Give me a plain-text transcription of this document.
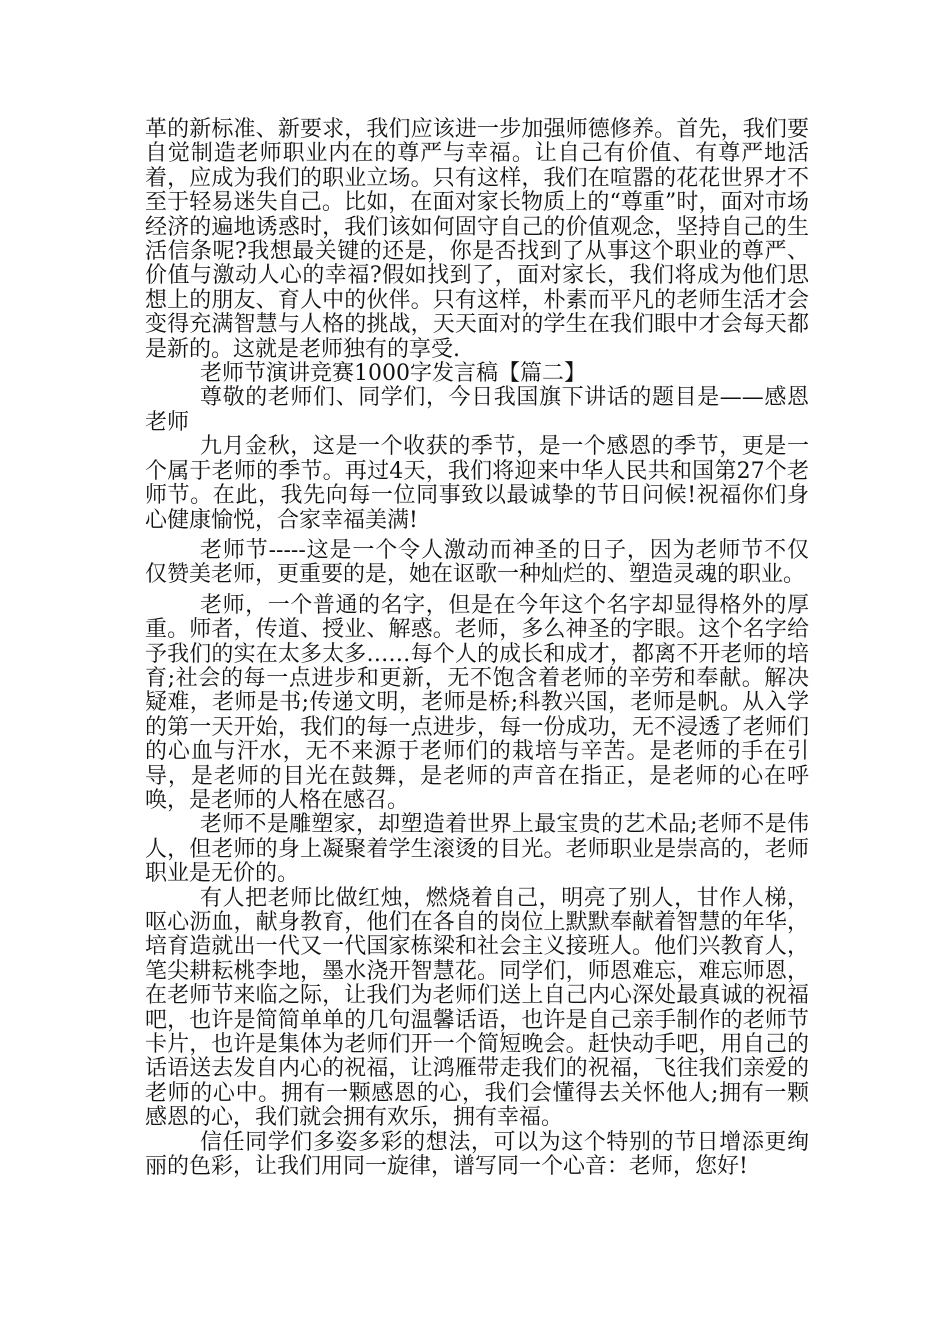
革的新标准、新要求，我们应该进一步加强师德修养。首先，我们要自觉制造老师职业内在的尊严与幸福。让自己有价值、有尊严地活着，应成为我们的职业立场。只有这样，我们在喧嚣的花花世界才不至于轻易迷失自己。比如，在面对家长物质上的“尊重”时，面对市场经济的遍地诱惑时，我们该如何固守自己的价值观念，坚持自己的生活信条呢?我想最关键的还是，你是否找到了从事这个职业的尊严、价值与激动人心的幸福?假如找到了，面对家长，我们将成为他们思想上的朋友、育人中的伙伴。只有这样，朴素而平凡的老师生活才会变得充满智慧与人格的挑战，天天面对的学生在我们眼中才会每天都是新的。这就是老师独有的享受.

老师节演讲竞赛1000字发言稿【篇二】

尊敬的老师们、同学们，今日我国旗下讲话的题目是——感恩老师

九月金秋，这是一个收获的季节，是一个感恩的季节，更是一个属于老师的季节。再过4天，我们将迎来中华人民共和国第27个老师节。在此，我先向每一位同事致以最诚挚的节日问候!祝福你们身心健康愉悦，合家幸福美满!

老师节-----这是一个令人激动而神圣的日子，因为老师节不仅仅赞美老师，更重要的是，她在讴歌一种灿烂的、塑造灵魂的职业。

老师，一个普通的名字，但是在今年这个名字却显得格外的厚重。师者，传道、授业、解惑。老师，多么神圣的字眼。这个名字给予我们的实在太多太多……每个人的成长和成才，都离不开老师的培育;社会的每一点进步和更新，无不饱含着老师的辛劳和奉献。解决疑难，老师是书;传递文明，老师是桥;科教兴国，老师是帆。从入学的第一天开始，我们的每一点进步，每一份成功，无不浸透了老师们的心血与汗水，无不来源于老师们的栽培与辛苦。是老师的手在引导，是老师的目光在鼓舞，是老师的声音在指正，是老师的心在呼唤，是老师的人格在感召。

老师不是雕塑家，却塑造着世界上最宝贵的艺术品;老师不是伟人，但老师的身上凝聚着学生滚烫的目光。老师职业是崇高的，老师职业是无价的。

有人把老师比做红烛，燃烧着自己，明亮了别人，甘作人梯，呕心沥血，献身教育，他们在各自的岗位上默默奉献着智慧的年华，培育造就出一代又一代国家栋梁和社会主义接班人。他们兴教育人，笔尖耕耘桃李地，墨水浇开智慧花。同学们，师恩难忘，难忘师恩，在老师节来临之际，让我们为老师们送上自己内心深处最真诚的祝福吧，也许是简简单单的几句温馨话语，也许是自己亲手制作的老师节卡片，也许是集体为老师们开一个简短晚会。赶快动手吧，用自己的话语送去发自内心的祝福，让鸿雁带走我们的祝福，飞往我们亲爱的老师的心中。拥有一颗感恩的心，我们会懂得去关怀他人;拥有一颗感恩的心，我们就会拥有欢乐，拥有幸福。

信任同学们多姿多彩的想法，可以为这个特别的节日增添更绚丽的色彩，让我们用同一旋律，谱写同一个心音：老师，您好!
